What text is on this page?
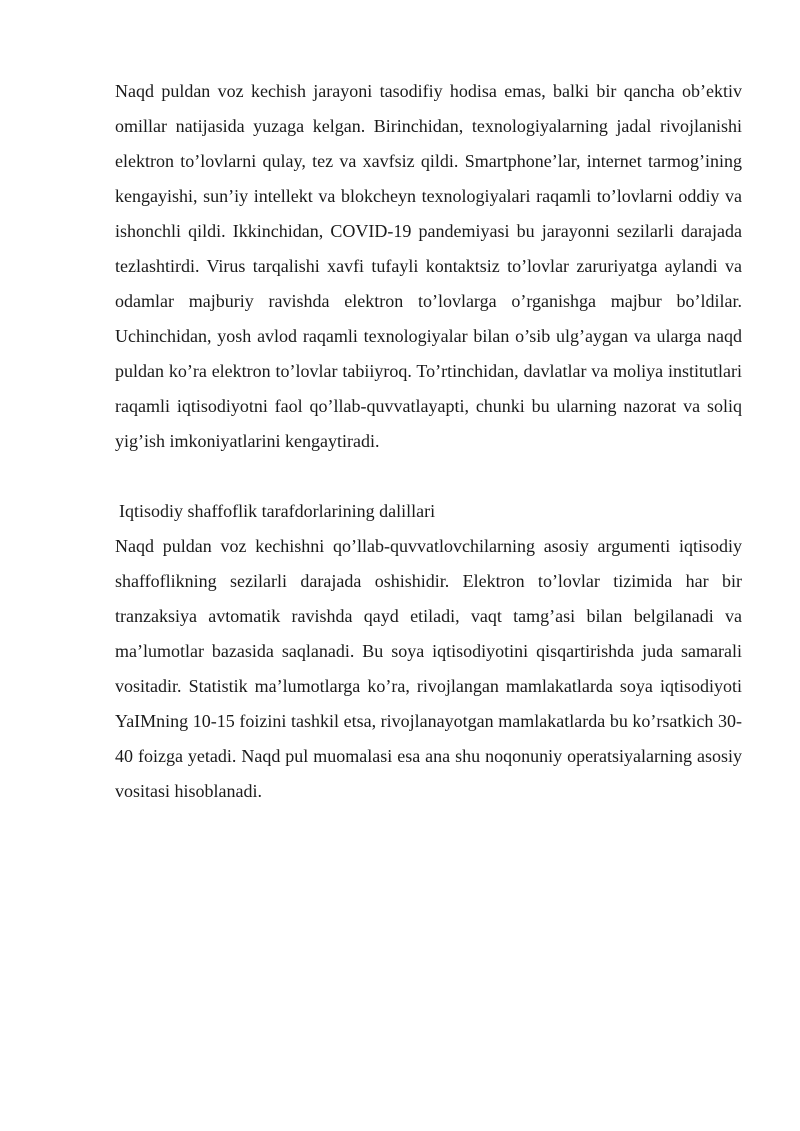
Naqd puldan voz kechish jarayoni tasodifiy hodisa emas, balki bir qancha ob’ektiv omillar natijasida yuzaga kelgan. Birinchidan, texnologiyalarning jadal rivojlanishi elektron to’lovlarni qulay, tez va xavfsiz qildi. Smartphone’lar, internet tarmog’ining kengayishi, sun’iy intellekt va blokcheyn texnologiyalari raqamli to’lovlarni oddiy va ishonchli qildi. Ikkinchidan, COVID-19 pandemiyasi bu jarayonni sezilarli darajada tezlashtirdi. Virus tarqalishi xavfi tufayli kontaktsiz to’lovlar zaruriyatga aylandi va odamlar majburiy ravishda elektron to’lovlarga o’rganishga majbur bo’ldilar. Uchinchidan, yosh avlod raqamli texnologiyalar bilan o’sib ulg’aygan va ularga naqd puldan ko’ra elektron to’lovlar tabiiyroq. To’rtinchidan, davlatlar va moliya institutlari raqamli iqtisodiyotni faol qo’llab-quvvatlayapti, chunki bu ularning nazorat va soliq yig’ish imkoniyatlarini kengaytiradi.

Iqtisodiy shaffoflik tarafdorlarining dalillari

Naqd puldan voz kechishni qo’llab-quvvatlovchilarning asosiy argumenti iqtisodiy shaffoflikning sezilarli darajada oshishidir. Elektron to’lovlar tizimida har bir tranzaksiya avtomatik ravishda qayd etiladi, vaqt tamg’asi bilan belgilanadi va ma’lumotlar bazasida saqlanadi. Bu soya iqtisodiyotini qisqartirishda juda samarali vositadir. Statistik ma’lumotlarga ko’ra, rivojlangan mamlakatlarda soya iqtisodiyoti YaIMning 10-15 foizini tashkil etsa, rivojlanayotgan mamlakatlarda bu ko’rsatkich 30-40 foizga yetadi. Naqd pul muomalasi esa ana shu noqonuniy operatsiyalarning asosiy vositasi hisoblanadi.
